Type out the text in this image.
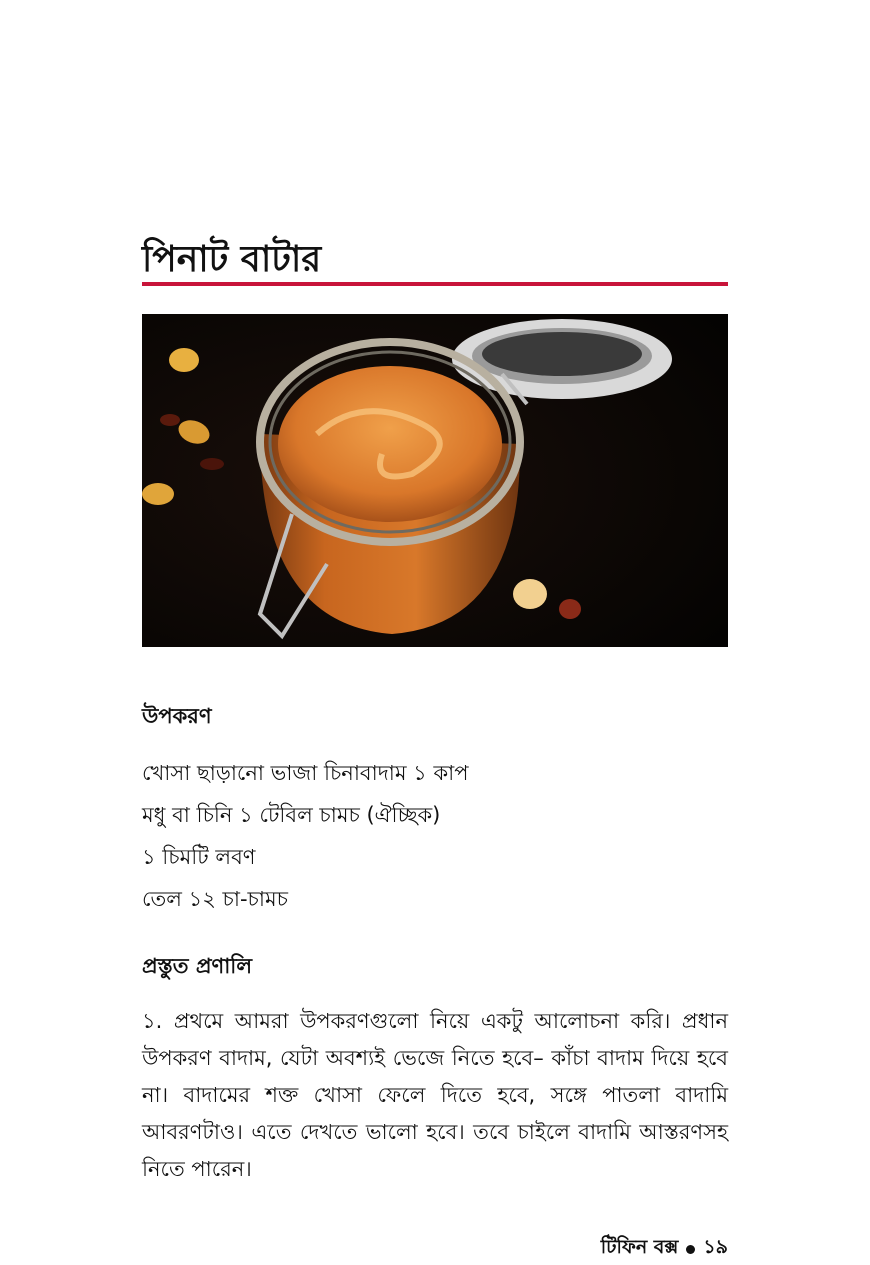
পিনাট বাটার
উপকরণ
খোসা ছাড়ানো ভাজা চিনাবাদাম ১ কাপ
মধু বা চিনি ১ টেবিল চামচ (ঐচ্ছিক)
১ চিমটি লবণ
তেল ১২ চা-চামচ
প্রস্তুত প্রণালি

১. প্রথমে আমরা উপকরণগুলো নিয়ে একটু আলোচনা করি। প্রধান উপকরণ বাদাম, যেটা অবশ্যই ভেজে নিতে হবে– কাঁচা বাদাম দিয়ে হবে না। বাদামের শক্ত খোসা ফেলে দিতে হবে, সঙ্গে পাতলা বাদামি আবরণটাও। এতে দেখতে ভালো হবে। তবে চাইলে বাদামি আস্তরণসহ নিতে পারেন।

টিফিন বক্স ১৯
